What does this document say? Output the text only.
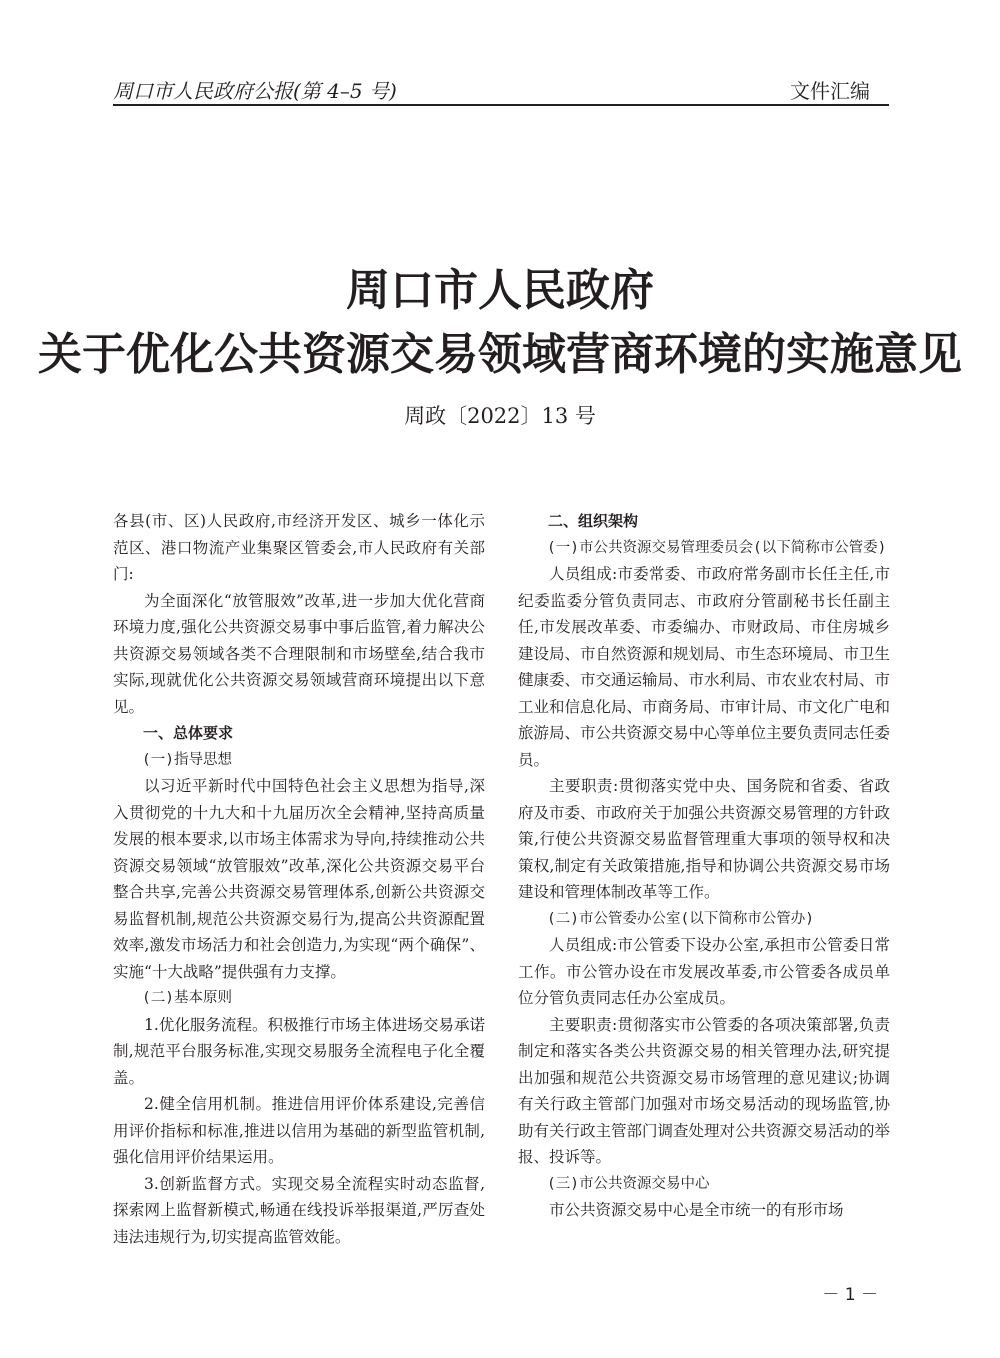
周口市人民政府公报(第 4–5 号)	文件汇编
周口市人民政府
关于优化公共资源交易领域营商环境的实施意见
周政〔2022〕13 号

各县(市、区)人民政府,市经济开发区、城乡一体化示范区、港口物流产业集聚区管委会,市人民政府有关部门:

为全面深化“放管服效”改革,进一步加大优化营商环境力度,强化公共资源交易事中事后监管,着力解决公共资源交易领域各类不合理限制和市场壁垒,结合我市实际,现就优化公共资源交易领域营商环境提出以下意见。

一、总体要求

(一)指导思想

以习近平新时代中国特色社会主义思想为指导,深入贯彻党的十九大和十九届历次全会精神,坚持高质量发展的根本要求,以市场主体需求为导向,持续推动公共资源交易领域“放管服效”改革,深化公共资源交易平台整合共享,完善公共资源交易管理体系,创新公共资源交易监督机制,规范公共资源交易行为,提高公共资源配置效率,激发市场活力和社会创造力,为实现“两个确保”、实施“十大战略”提供强有力支撑。

(二)基本原则

1.优化服务流程。积极推行市场主体进场交易承诺制,规范平台服务标准,实现交易服务全流程电子化全覆盖。

2.健全信用机制。推进信用评价体系建设,完善信用评价指标和标准,推进以信用为基础的新型监管机制,强化信用评价结果运用。

3.创新监督方式。实现交易全流程实时动态监督,探索网上监督新模式,畅通在线投诉举报渠道,严厉查处违法违规行为,切实提高监管效能。

二、组织架构

(一)市公共资源交易管理委员会(以下简称市公管委)

人员组成:市委常委、市政府常务副市长任主任,市纪委监委分管负责同志、市政府分管副秘书长任副主任,市发展改革委、市委编办、市财政局、市住房城乡建设局、市自然资源和规划局、市生态环境局、市卫生健康委、市交通运输局、市水利局、市农业农村局、市工业和信息化局、市商务局、市审计局、市文化广电和旅游局、市公共资源交易中心等单位主要负责同志任委员。

主要职责:贯彻落实党中央、国务院和省委、省政府及市委、市政府关于加强公共资源交易管理的方针政策,行使公共资源交易监督管理重大事项的领导权和决策权,制定有关政策措施,指导和协调公共资源交易市场建设和管理体制改革等工作。

(二)市公管委办公室(以下简称市公管办)

人员组成:市公管委下设办公室,承担市公管委日常工作。市公管办设在市发展改革委,市公管委各成员单位分管负责同志任办公室成员。

主要职责:贯彻落实市公管委的各项决策部署,负责制定和落实各类公共资源交易的相关管理办法,研究提出加强和规范公共资源交易市场管理的意见建议;协调有关行政主管部门加强对市场交易活动的现场监管,协助有关行政主管部门调查处理对公共资源交易活动的举报、投诉等。

(三)市公共资源交易中心

市公共资源交易中心是全市统一的有形市场

－ 1 －
